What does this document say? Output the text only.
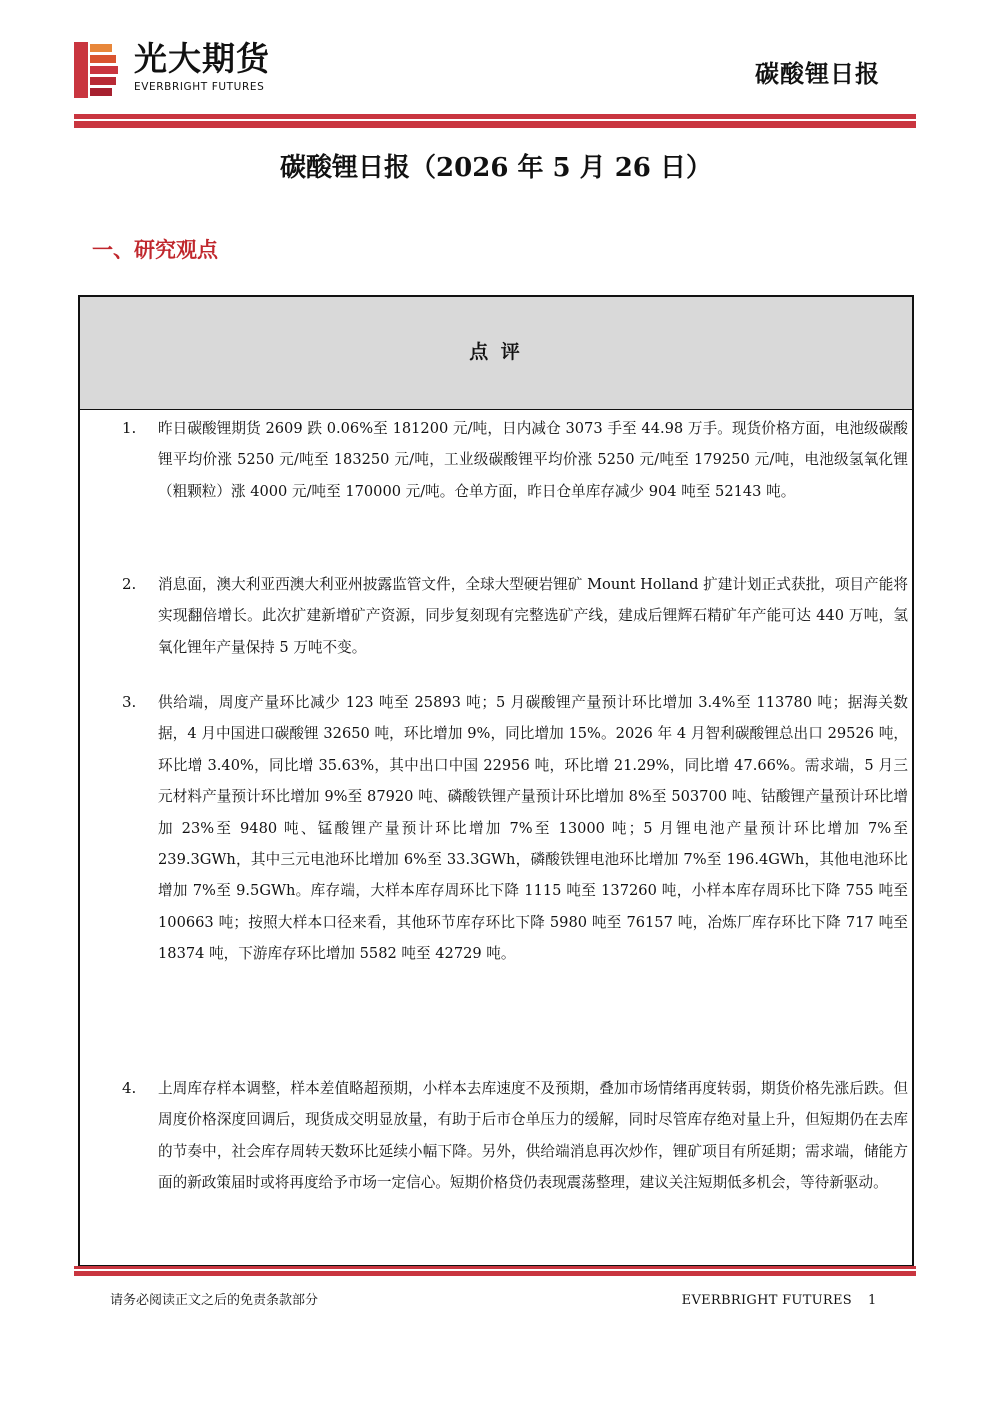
光大期货
EVERBRIGHT FUTURES	碳酸锂日报
碳酸锂日报（2026 年 5 月 26 日）
一、研究观点
点 评
1. 昨日碳酸锂期货 2609 跌 0.06%至 181200 元/吨，日内减仓 3073 手至 44.98 万手。现货价格方面，电池级碳酸锂平均价涨 5250 元/吨至 183250 元/吨，工业级碳酸锂平均价涨 5250 元/吨至 179250 元/吨，电池级氢氧化锂（粗颗粒）涨 4000 元/吨至 170000 元/吨。仓单方面，昨日仓单库存减少 904 吨至 52143 吨。

2. 消息面，澳大利亚西澳大利亚州披露监管文件，全球大型硬岩锂矿 Mount Holland 扩建计划正式获批，项目产能将实现翻倍增长。此次扩建新增矿产资源，同步复刻现有完整选矿产线，建成后锂辉石精矿年产能可达 440 万吨，氢氧化锂年产量保持 5 万吨不变。

3. 供给端，周度产量环比减少 123 吨至 25893 吨；5 月碳酸锂产量预计环比增加 3.4%至 113780 吨；据海关数据，4 月中国进口碳酸锂 32650 吨，环比增加 9%，同比增加 15%。2026 年 4 月智利碳酸锂总出口 29526 吨，环比增 3.40%，同比增 35.63%，其中出口中国 22956 吨，环比增 21.29%，同比增 47.66%。需求端，5 月三元材料产量预计环比增加 9%至 87920 吨、磷酸铁锂产量预计环比增加 8%至 503700 吨、钴酸锂产量预计环比增加 23%至 9480 吨、锰酸锂产量预计环比增加 7%至 13000 吨；5 月锂电池产量预计环比增加 7%至 239.3GWh，其中三元电池环比增加 6%至 33.3GWh，磷酸铁锂电池环比增加 7%至 196.4GWh，其他电池环比增加 7%至 9.5GWh。库存端，大样本库存周环比下降 1115 吨至 137260 吨，小样本库存周环比下降 755 吨至 100663 吨；按照大样本口径来看，其他环节库存环比下降 5980 吨至 76157 吨，冶炼厂库存环比下降 717 吨至 18374 吨，下游库存环比增加 5582 吨至 42729 吨。

4. 上周库存样本调整，样本差值略超预期，小样本去库速度不及预期，叠加市场情绪再度转弱，期货价格先涨后跌。但周度价格深度回调后，现货成交明显放量，有助于后市仓单压力的缓解，同时尽管库存绝对量上升，但短期仍在去库的节奏中，社会库存周转天数环比延续小幅下降。另外，供给端消息再次炒作，锂矿项目有所延期；需求端，储能方面的新政策届时或将再度给予市场一定信心。短期价格贷仍表现震荡整理，建议关注短期低多机会，等待新驱动。

请务必阅读正文之后的免责条款部分	EVERBRIGHT FUTURES 1
